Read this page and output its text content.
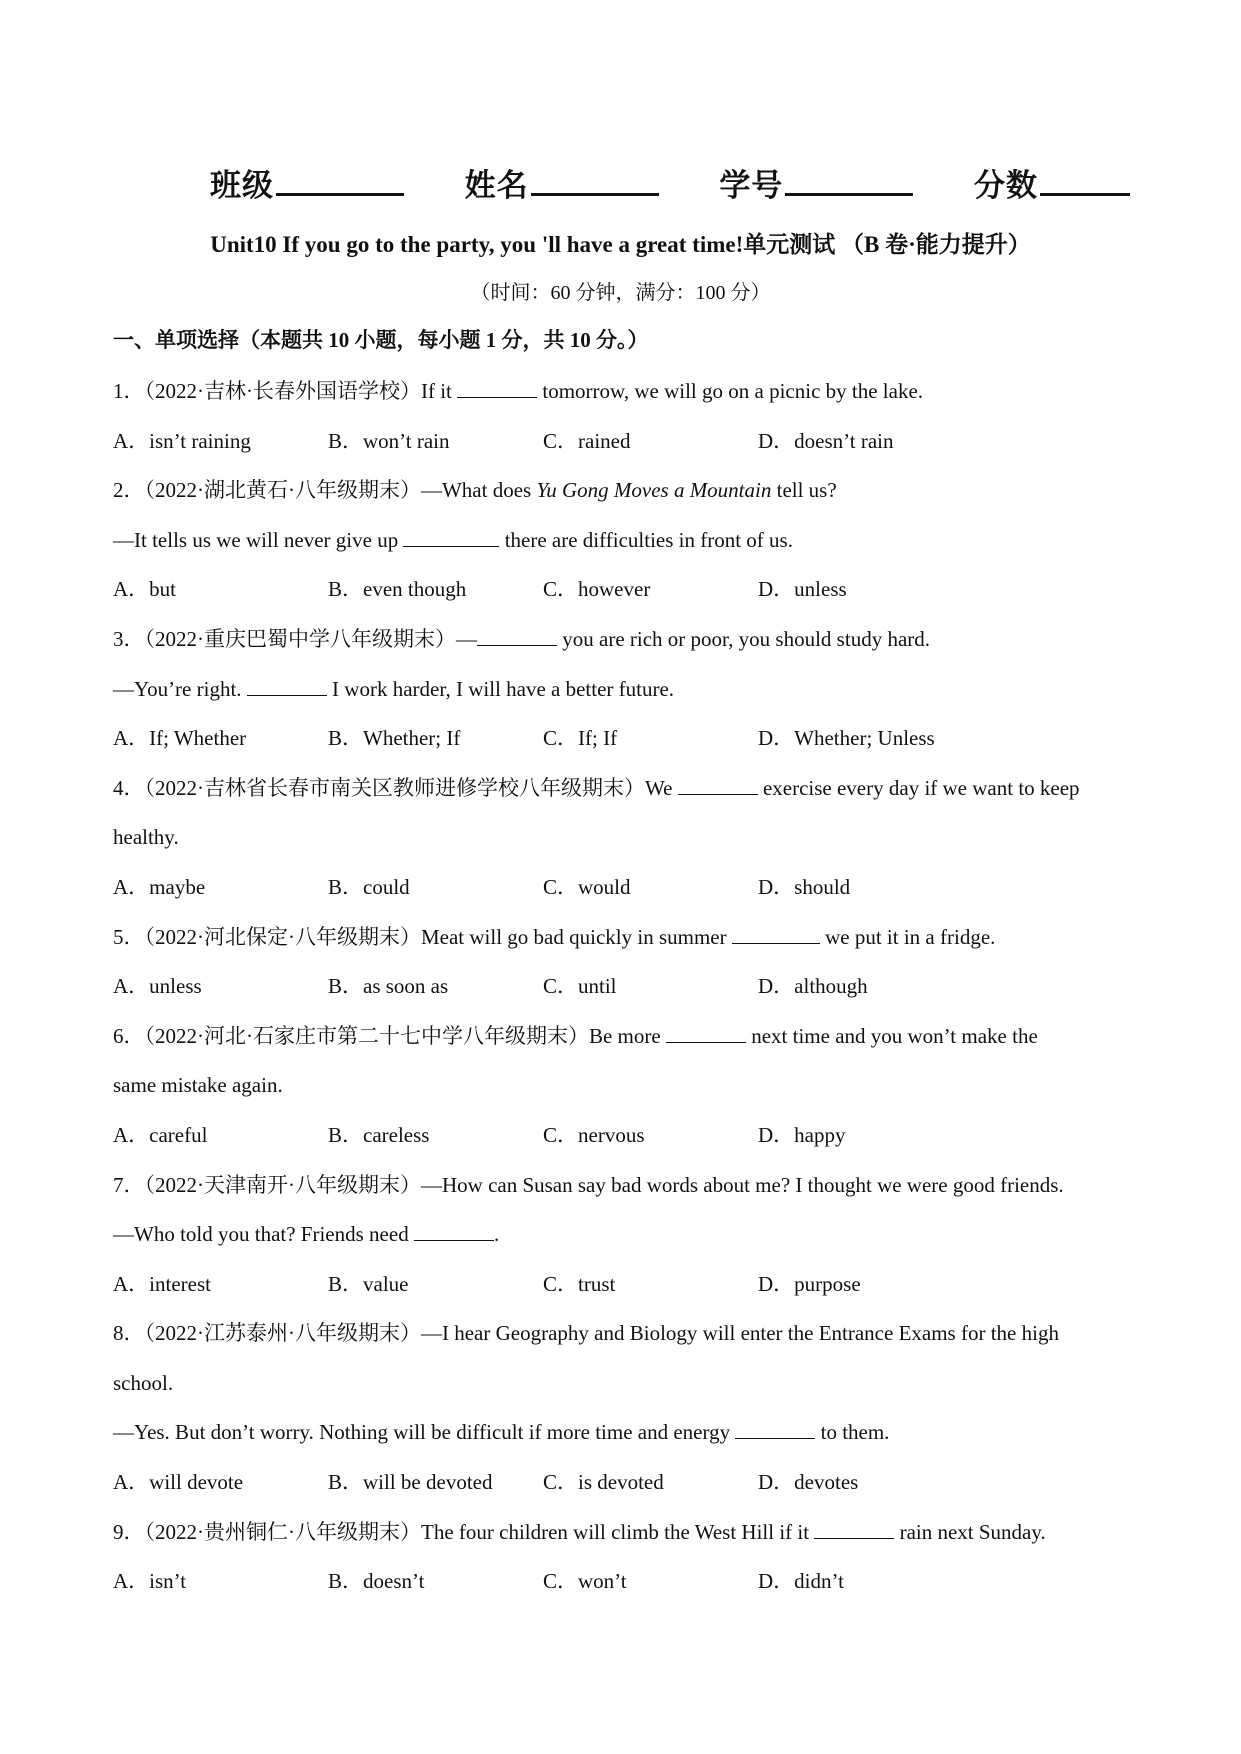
班级	姓名	学号	分数
Unit10 If you go to the party, you 'll have a great time!单元测试 （B 卷·能力提升）
（时间：60 分钟，满分：100 分）
一、单项选择（本题共 10 小题，每小题 1 分，共 10 分。）
1．（2022·吉林·长春外国语学校）If it	tomorrow, we will go on a picnic by the lake.
A．isn’t raining	B．won’t rain	C．rained	D．doesn’t rain
2．（2022·湖北黄石·八年级期末）—What does Yu Gong Moves a Mountain tell us?
—It tells us we will never give up	there are difficulties in front of us.
A．but	B．even though	C．however	D．unless
3．（2022·重庆巴蜀中学八年级期末）—	you are rich or poor, you should study hard.
—You’re right.	I work harder, I will have a better future.
A．If; Whether	B．Whether; If	C．If; If	D．Whether; Unless
4．（2022·吉林省长春市南关区教师进修学校八年级期末）We	exercise every day if we want to keep
healthy.
A．maybe	B．could	C．would	D．should
5．（2022·河北保定·八年级期末）Meat will go bad quickly in summer	we put it in a fridge.
A．unless	B．as soon as	C．until	D．although
6．（2022·河北·石家庄市第二十七中学八年级期末）Be more	next time and you won’t make the
same mistake again.
A．careful	B．careless	C．nervous	D．happy
7．（2022·天津南开·八年级期末）—How can Susan say bad words about me? I thought we were good friends.
—Who told you that? Friends need	.
A．interest	B．value	C．trust	D．purpose
8．（2022·江苏泰州·八年级期末）—I hear Geography and Biology will enter the Entrance Exams for the high
school.
—Yes. But don’t worry. Nothing will be difficult if more time and energy	to them.
A．will devote	B．will be devoted	C．is devoted	D．devotes
9．（2022·贵州铜仁·八年级期末）The four children will climb the West Hill if it	rain next Sunday.
A．isn’t	B．doesn’t	C．won’t	D．didn’t
